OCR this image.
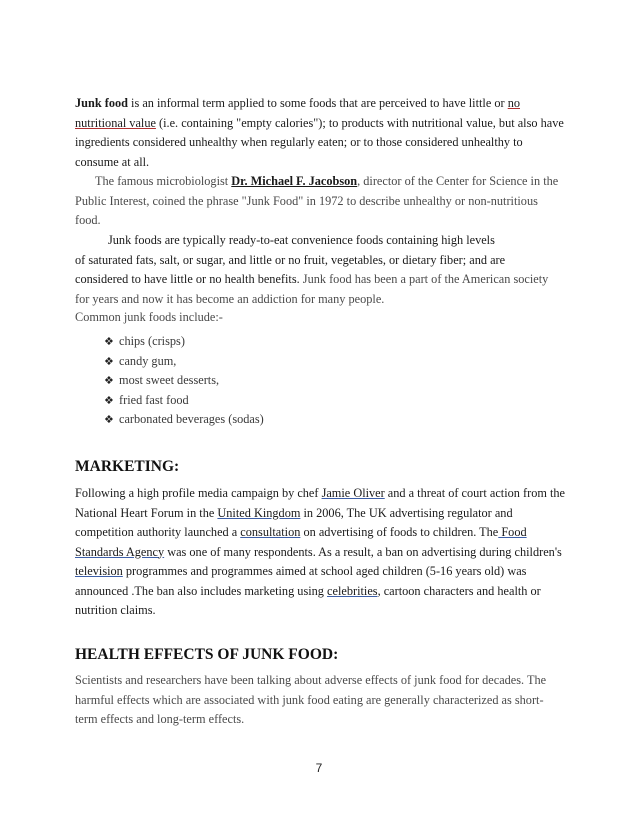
Junk food is an informal term applied to some foods that are perceived to have little or no nutritional value (i.e. containing "empty calories"); to products with nutritional value, but also have ingredients considered unhealthy when regularly eaten; or to those considered unhealthy to consume at all.

The famous microbiologist Dr. Michael F. Jacobson, director of the Center for Science in the Public Interest, coined the phrase "Junk Food" in 1972 to describe unhealthy or non-nutritious food.

Junk foods are typically ready-to-eat convenience foods containing high levels
of saturated fats, salt, or sugar, and little or no fruit, vegetables, or dietary fiber; and are
considered to have little or no health benefits. Junk food has been a part of the American society
for years and now it has become an addiction for many people.

Common junk foods include:-

❖ chips (crisps)
❖ candy gum,
❖ most sweet desserts,
❖ fried fast food
❖ carbonated beverages (sodas)
MARKETING:

Following a high profile media campaign by chef Jamie Oliver and a threat of court action from the National Heart Forum in the United Kingdom in 2006, The UK advertising regulator and competition authority launched a consultation on advertising of foods to children. The Food Standards Agency was one of many respondents. As a result, a ban on advertising during children's television programmes and programmes aimed at school aged children (5-16 years old) was announced .The ban also includes marketing using celebrities, cartoon characters and health or nutrition claims.

HEALTH EFFECTS OF JUNK FOOD:

Scientists and researchers have been talking about adverse effects of junk food for decades. The harmful effects which are associated with junk food eating are generally characterized as short-term effects and long-term effects.

7
